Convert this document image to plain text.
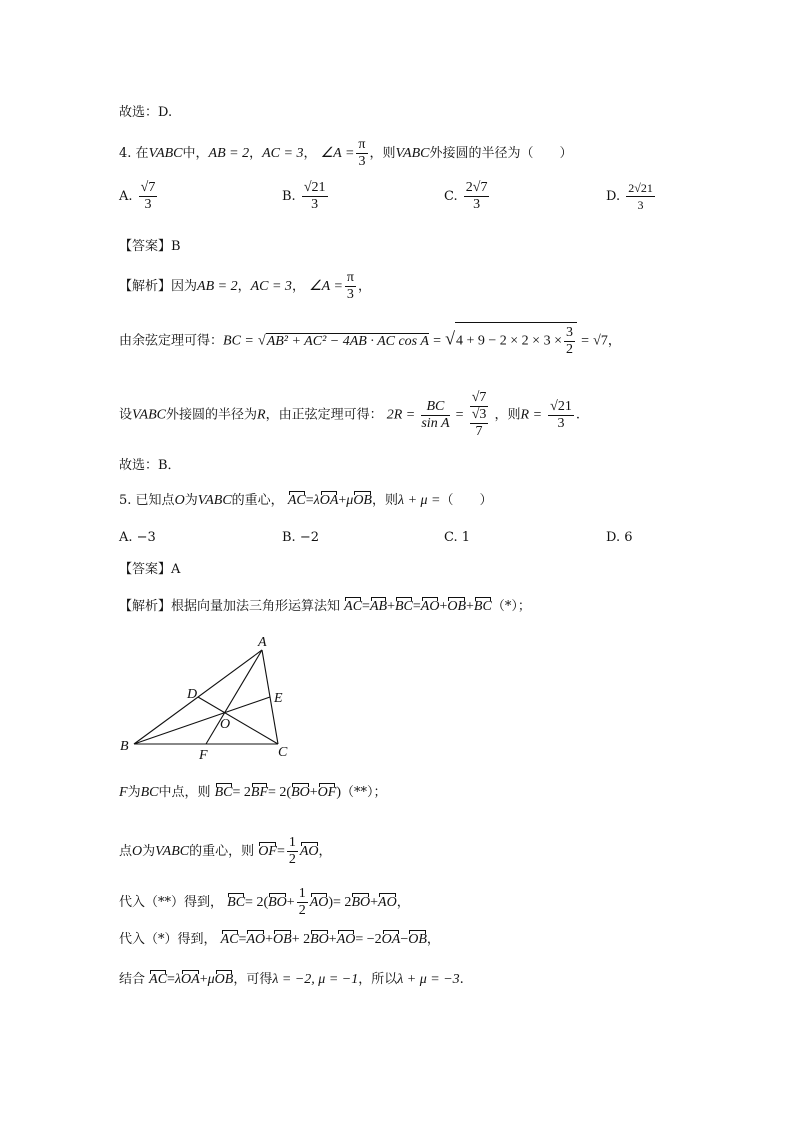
故选：D.
4. 在VABC中，AB = 2，AC = 3， ∠A = $\frac{\pi}{3}$ ，则VABC外接圆的半径为（　　）
A. $\frac{√7}{3}$	B. $\frac{√21}{3}$	C. $\frac{2√7}{3}$	D. $\frac{2√21}{3}$
【答案】B
【解析】因为AB = 2，AC = 3， ∠A = $\frac{\pi}{3}$ ，
由余弦定理可得：BC = √AB² + AC² − 4AB · AC $\cos A = √4 + 9 - 2 \times 2 \times 3 \times \frac{3}{2} = √7$，
设VABC外接圆的半径为R，由正弦定理可得： $2R = \frac{BC}{\text{sin A}} = \frac{√7}{\frac{√3}{7}}$ ，则$R = \frac{√21}{3}$ .
故选：B．
5. 已知点O为VABC的重心， AC=λOA+μOB，则λ + μ =（　　）
A. −3	B. −2	C. 1	D. 6
【答案】A
【解析】根据向量加法三角形运算法知 AC=AB+BC=AO+OB+BC（*）；
A
B	C
D	E
F
O
F为BC中点，则 BC= 2BF= 2(BO+OF)（**）；
点O为VABC的重心，则 $OF= \frac{1}{2}$ AO，
代入（**）得到， $BC= 2(BO+ \frac{1}{2} AO)= 2BO+AO$，
代入（*）得到， AC=AO+OB+ 2BO+AO= −2OA−OB，
结合 AC=λOA+μOB，可得λ = −2, μ = −1，所以λ + μ = −3.
